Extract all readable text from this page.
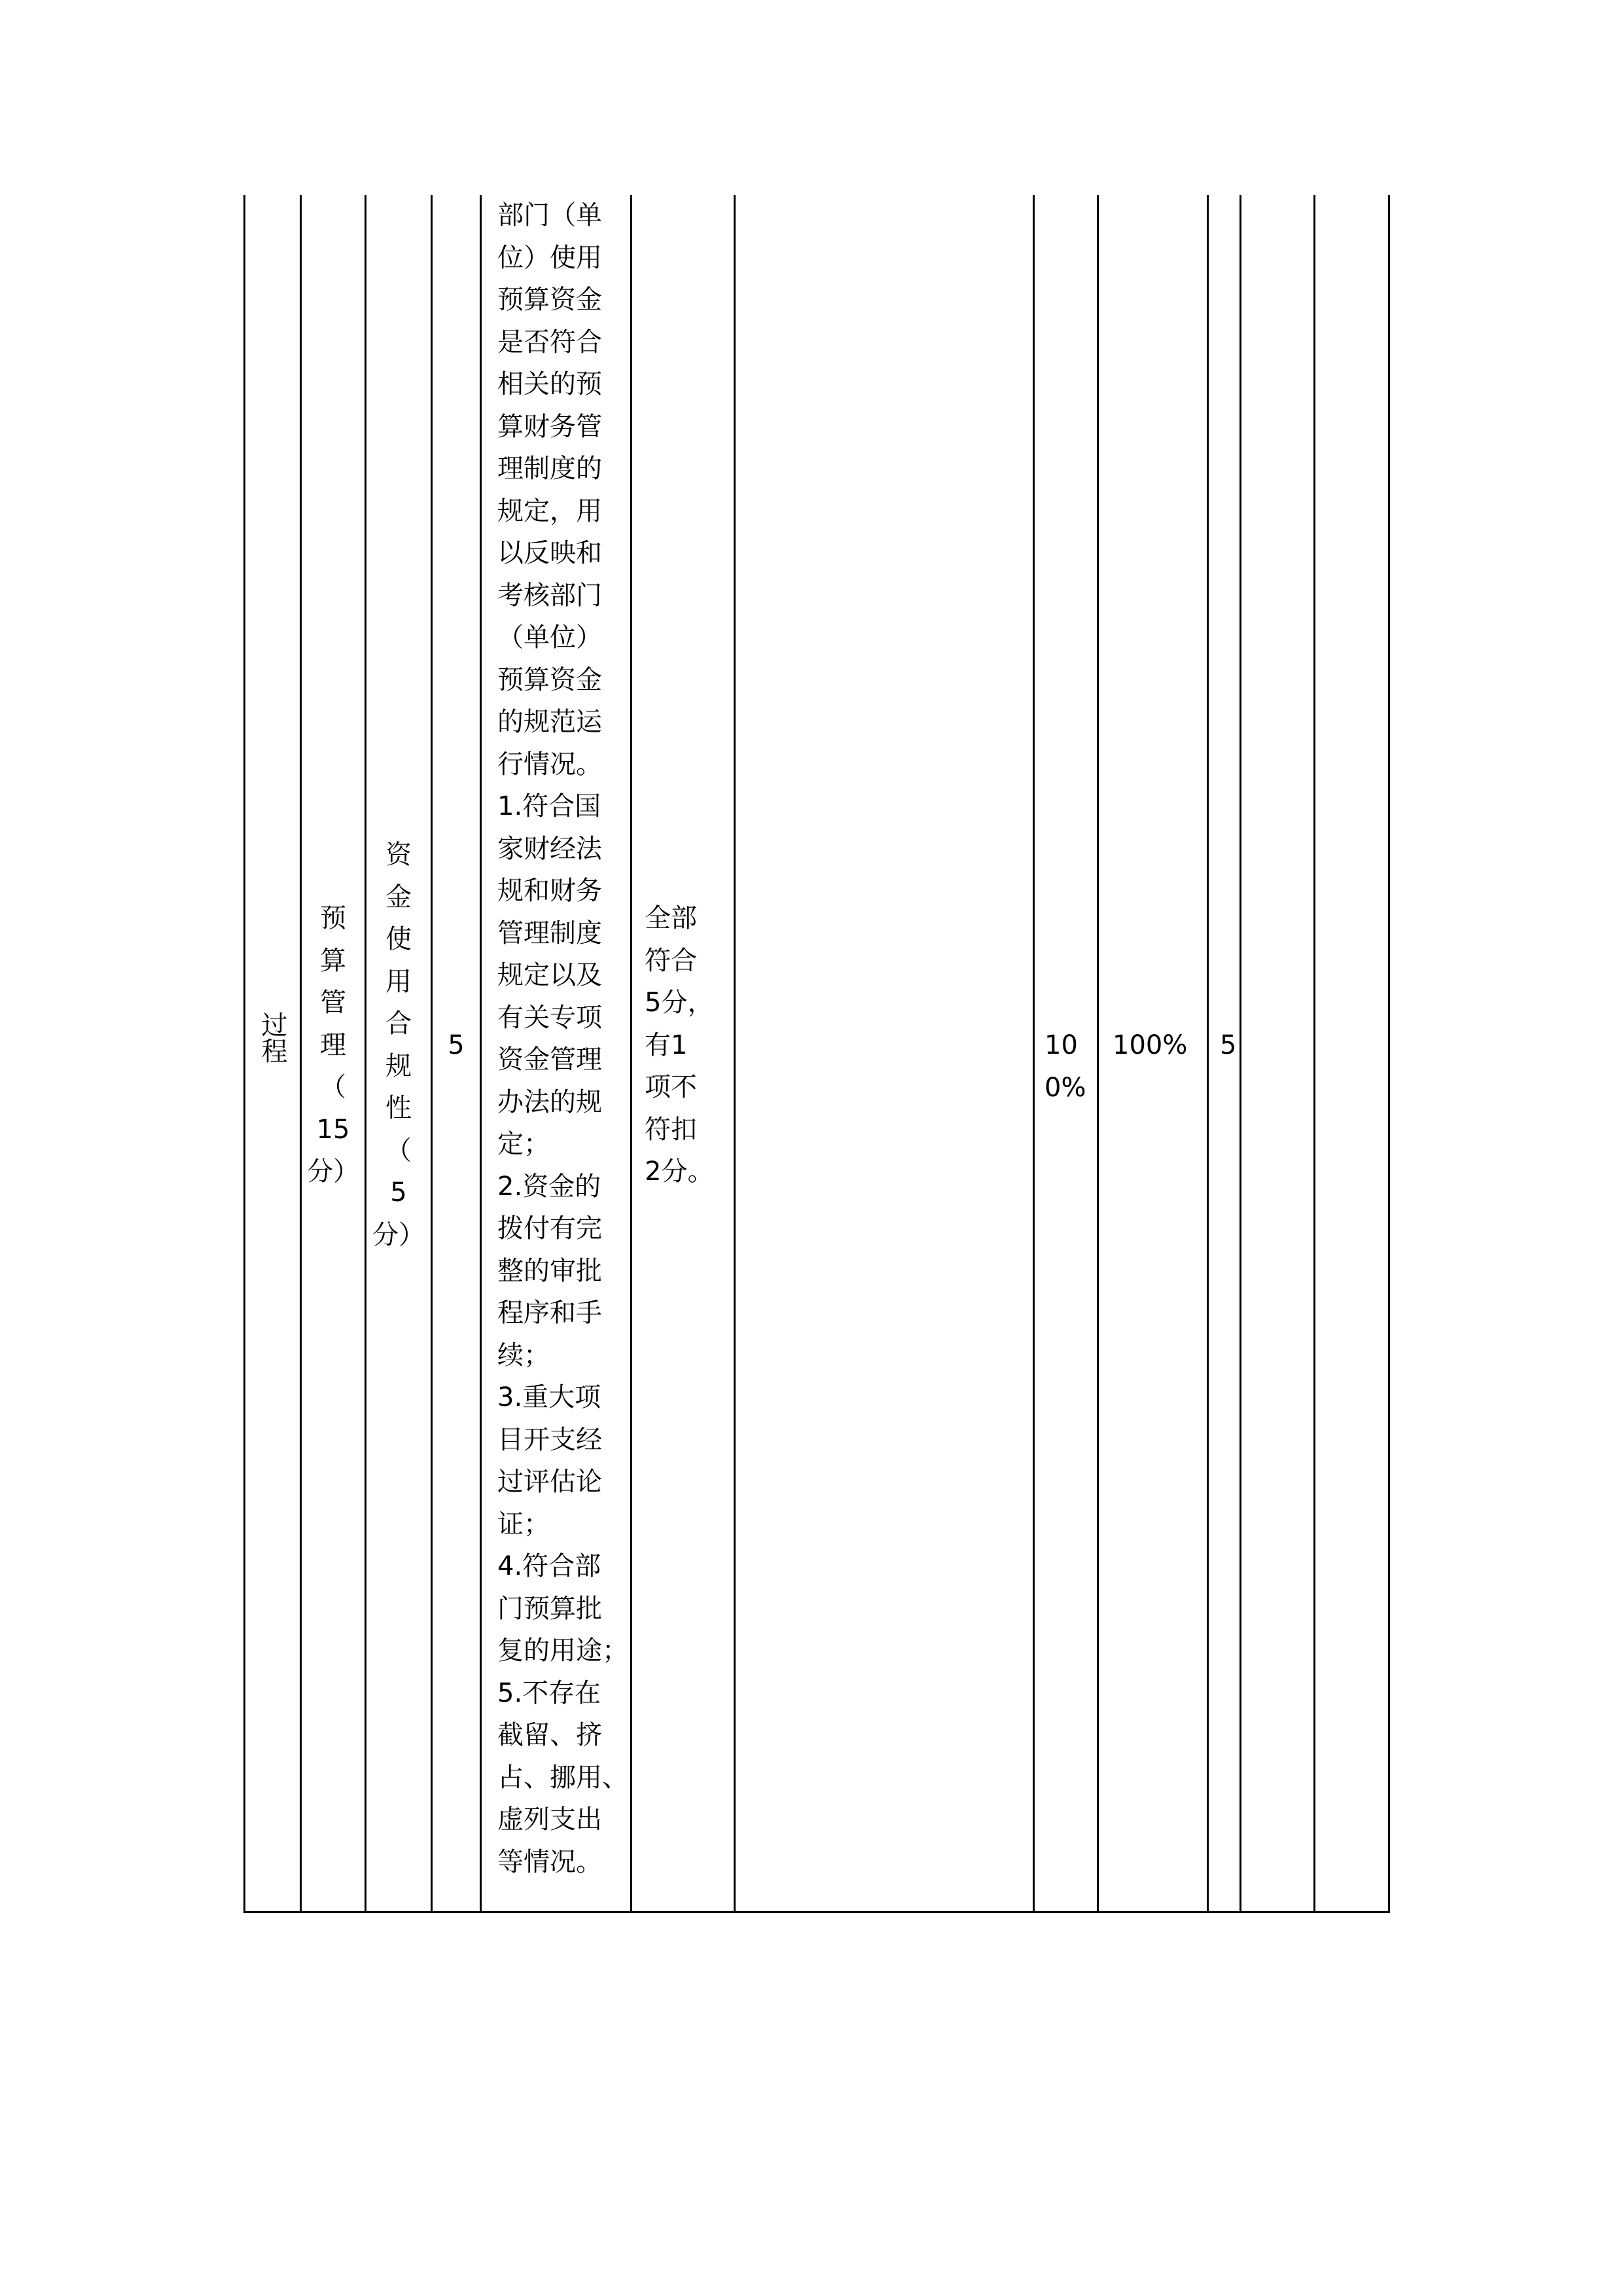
过程
预
算
管
理
（
15
分）
资
金
使
用
合
规
性
（
5
分）
5
部门（单
位）使用
预算资金
是否符合
相关的预
算财务管
理制度的
规定，用
以反映和
考核部门
（单位）
预算资金
的规范运
行情况。
1.符合国
家财经法
规和财务
管理制度
规定以及
有关专项
资金管理
办法的规
定；
2.资金的
拨付有完
整的审批
程序和手
续；
3.重大项
目开支经
过评估论
证；
4.符合部
门预算批
复的用途；
5.不存在
截留、挤
占、挪用、
虚列支出
等情况。
全部
符合
5分，
有1
项不
符扣
2分。
10
0%
100%	5
